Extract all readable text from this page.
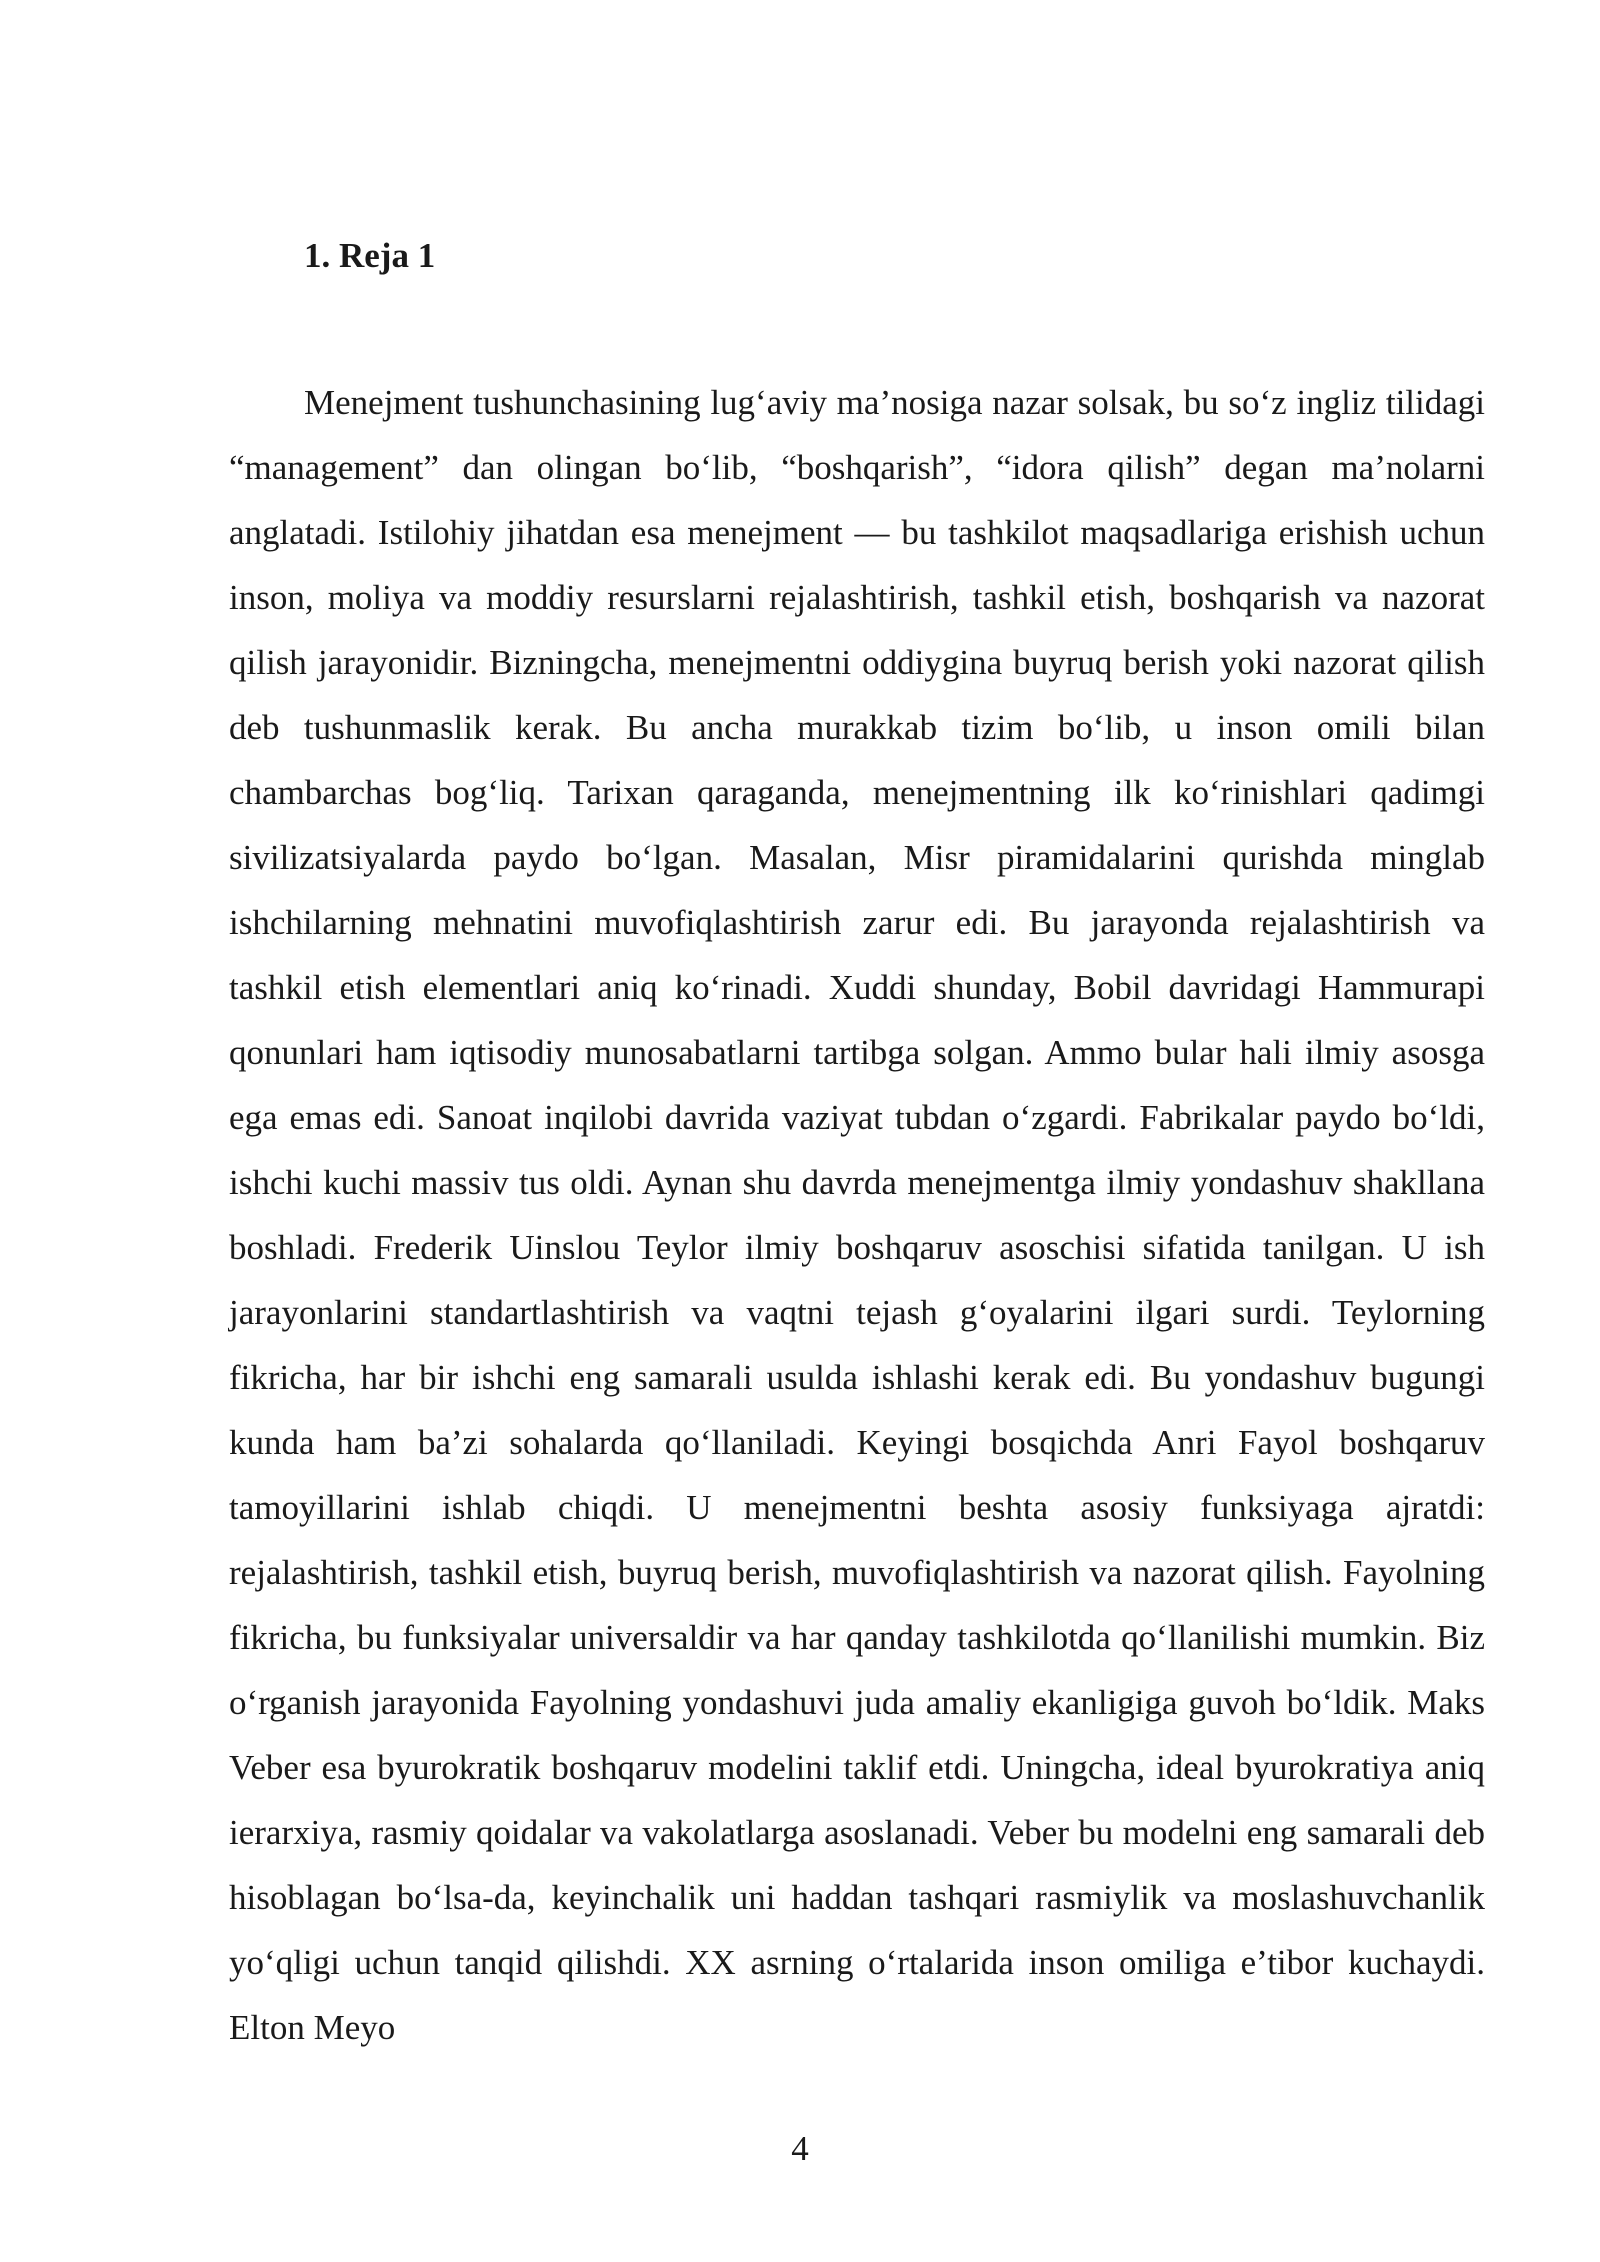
1. Reja 1

Menejment tushunchasining lug‘aviy ma’nosiga nazar solsak, bu so‘z ingliz tilidagi “management” dan olingan bo‘lib, “boshqarish”, “idora qilish” degan ma’nolarni anglatadi. Istilohiy jihatdan esa menejment — bu tashkilot maqsadlariga erishish uchun inson, moliya va moddiy resurslarni rejalashtirish, tashkil etish, boshqarish va nazorat qilish jarayonidir. Bizningcha, menejmentni oddiygina buyruq berish yoki nazorat qilish deb tushunmaslik kerak. Bu ancha murakkab tizim bo‘lib, u inson omili bilan chambarchas bog‘liq. Tarixan qaraganda, menejmentning ilk ko‘rinishlari qadimgi sivilizatsiyalarda paydo bo‘lgan. Masalan, Misr piramidalarini qurishda minglab ishchilarning mehnatini muvofiqlashtirish zarur edi. Bu jarayonda rejalashtirish va tashkil etish elementlari aniq ko‘rinadi. Xuddi shunday, Bobil davridagi Hammurapi qonunlari ham iqtisodiy munosabatlarni tartibga solgan. Ammo bular hali ilmiy asosga ega emas edi. Sanoat inqilobi davrida vaziyat tubdan o‘zgardi. Fabrikalar paydo bo‘ldi, ishchi kuchi massiv tus oldi. Aynan shu davrda menejmentga ilmiy yondashuv shakllana boshladi. Frederik Uinslou Teylor ilmiy boshqaruv asoschisi sifatida tanilgan. U ish jarayonlarini standartlashtirish va vaqtni tejash g‘oyalarini ilgari surdi. Teylorning fikricha, har bir ishchi eng samarali usulda ishlashi kerak edi. Bu yondashuv bugungi kunda ham ba’zi sohalarda qo‘llaniladi. Keyingi bosqichda Anri Fayol boshqaruv tamoyillarini ishlab chiqdi. U menejmentni beshta asosiy funksiyaga ajratdi: rejalashtirish, tashkil etish, buyruq berish, muvofiqlashtirish va nazorat qilish. Fayolning fikricha, bu funksiyalar universaldir va har qanday tashkilotda qo‘llanilishi mumkin. Biz o‘rganish jarayonida Fayolning yondashuvi juda amaliy ekanligiga guvoh bo‘ldik. Maks Veber esa byurokratik boshqaruv modelini taklif etdi. Uningcha, ideal byurokratiya aniq ierarxiya, rasmiy qoidalar va vakolatlarga asoslanadi. Veber bu modelni eng samarali deb hisoblagan bo‘lsa-da, keyinchalik uni haddan tashqari rasmiylik va moslashuvchanlik yo‘qligi uchun tanqid qilishdi. XX asrning o‘rtalarida inson omiliga e’tibor kuchaydi. Elton Meyo

4
